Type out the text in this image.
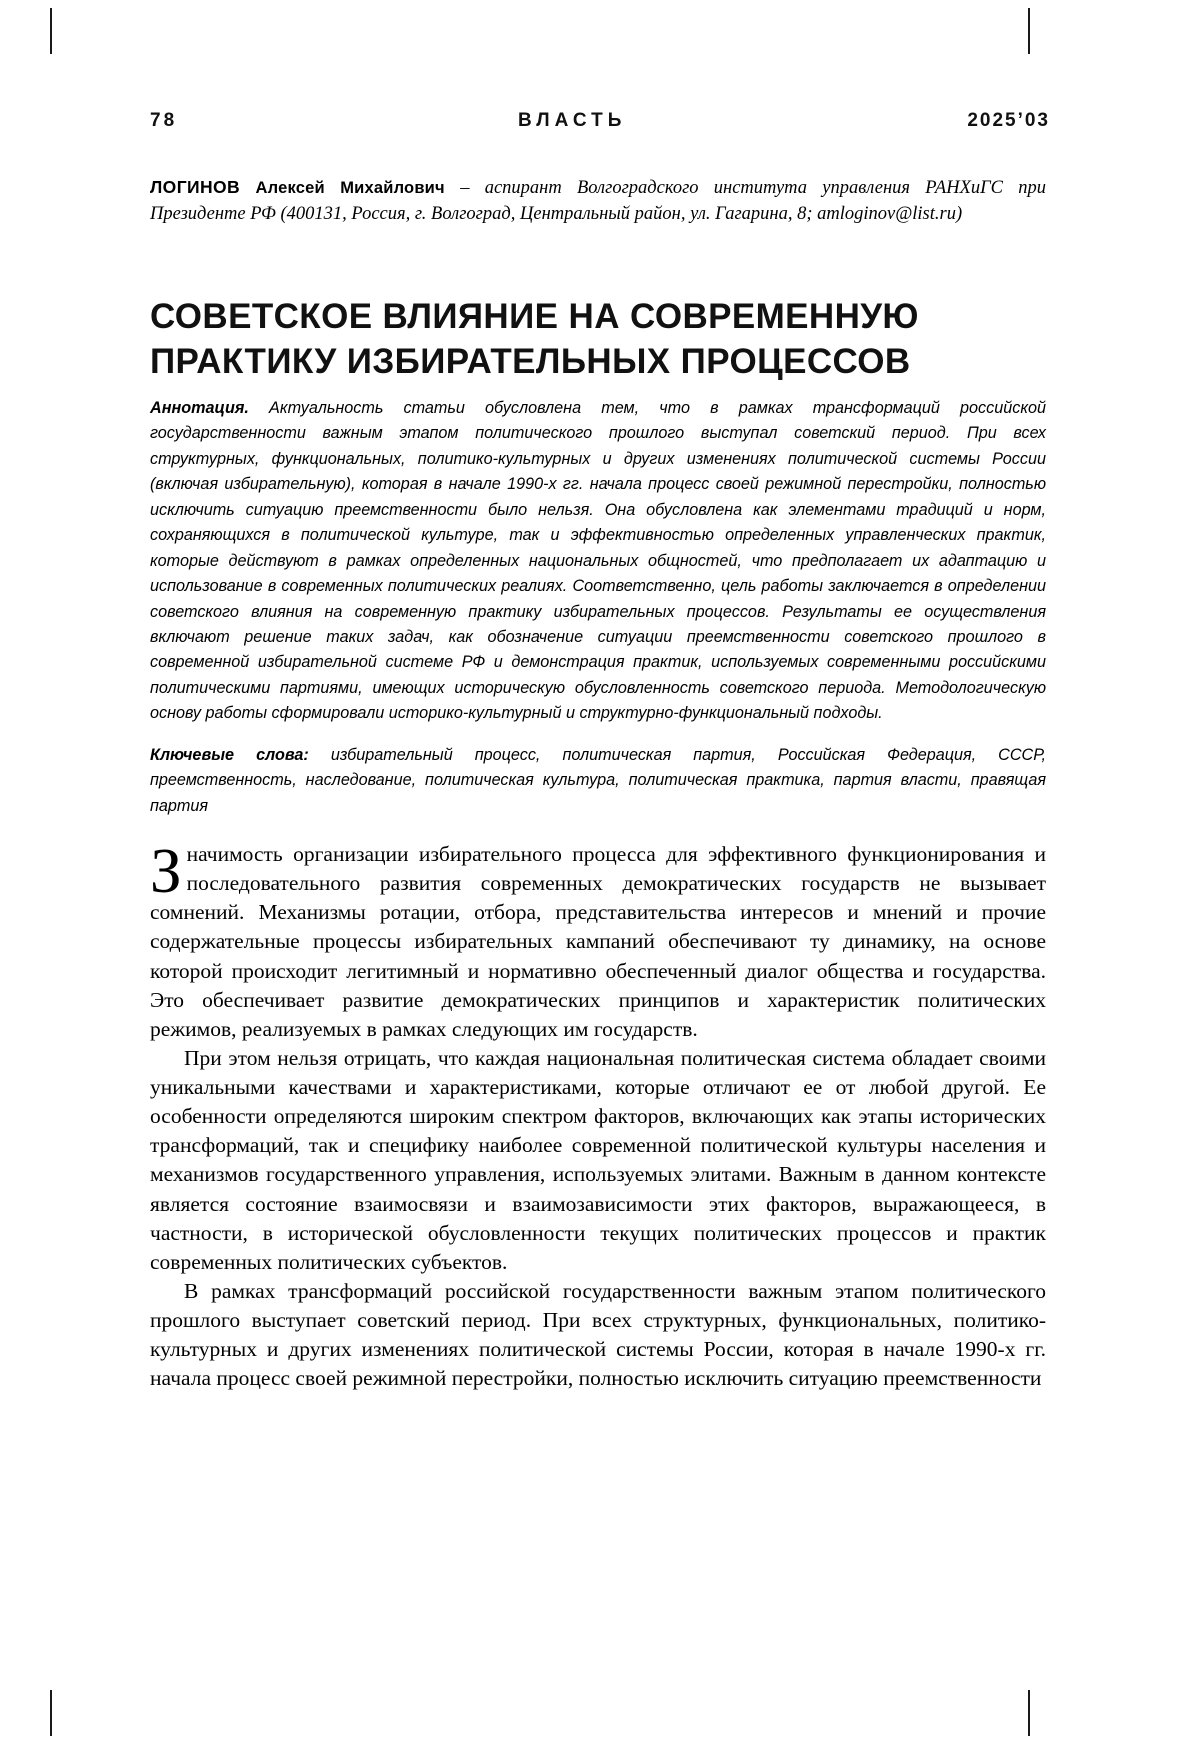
78	ВЛАСТЬ	2025’03
ЛОГИНОВ Алексей Михайлович – аспирант Волгоградского института управления РАНХиГС при Президенте РФ (400131, Россия, г. Волгоград, Центральный район, ул. Гагарина, 8; amloginov@list.ru)
СОВЕТСКОЕ ВЛИЯНИЕ НА СОВРЕМЕННУЮ
ПРАКТИКУ ИЗБИРАТЕЛЬНЫХ ПРОЦЕССОВ
Аннотация. Актуальность статьи обусловлена тем, что в рамках трансформаций российской государственности важным этапом политического прошлого выступал советский период. При всех структурных, функциональных, политико-культурных и других изменениях политической системы России (включая избирательную), которая в начале 1990-х гг. начала процесс своей режимной перестройки, полностью исключить ситуацию преемственности было нельзя. Она обусловлена как элементами традиций и норм, сохраняющихся в политической культуре, так и эффективностью определенных управленческих практик, которые действуют в рамках определенных национальных общностей, что предполагает их адаптацию и использование в современных политических реалиях. Соответственно, цель работы заключается в определении советского влияния на современную практику избирательных процессов. Результаты ее осуществления включают решение таких задач, как обозначение ситуации преемственности советского прошлого в современной избирательной системе РФ и демонстрация практик, используемых современными российскими политическими партиями, имеющих историческую обусловленность советского периода. Методологическую основу работы сформировали историко-культурный и структурно-функциональный подходы.
Ключевые слова: избирательный процесс, политическая партия, Российская Федерация, СССР, преемственность, наследование, политическая культура, политическая практика, партия власти, правящая партия

Значимость организации избирательного процесса для эффективного функционирования и последовательного развития современных демократических государств не вызывает сомнений. Механизмы ротации, отбора, представительства интересов и мнений и прочие содержательные процессы избирательных кампаний обеспечивают ту динамику, на основе которой происходит легитимный и нормативно обеспеченный диалог общества и государства. Это обеспечивает развитие демократических принципов и характеристик политических режимов, реализуемых в рамках следующих им государств.

При этом нельзя отрицать, что каждая национальная политическая система обладает своими уникальными качествами и характеристиками, которые отличают ее от любой другой. Ее особенности определяются широким спектром факторов, включающих как этапы исторических трансформаций, так и специфику наиболее современной политической культуры населения и механизмов государственного управления, используемых элитами. Важным в данном контексте является состояние взаимосвязи и взаимозависимости этих факторов, выражающееся, в частности, в исторической обусловленности текущих политических процессов и практик современных политических субъектов.

В рамках трансформаций российской государственности важным этапом политического прошлого выступает советский период. При всех структурных, функциональных, политико-культурных и других изменениях политической системы России, которая в начале 1990-х гг. начала процесс своей режимной перестройки, полностью исключить ситуацию преемственности
